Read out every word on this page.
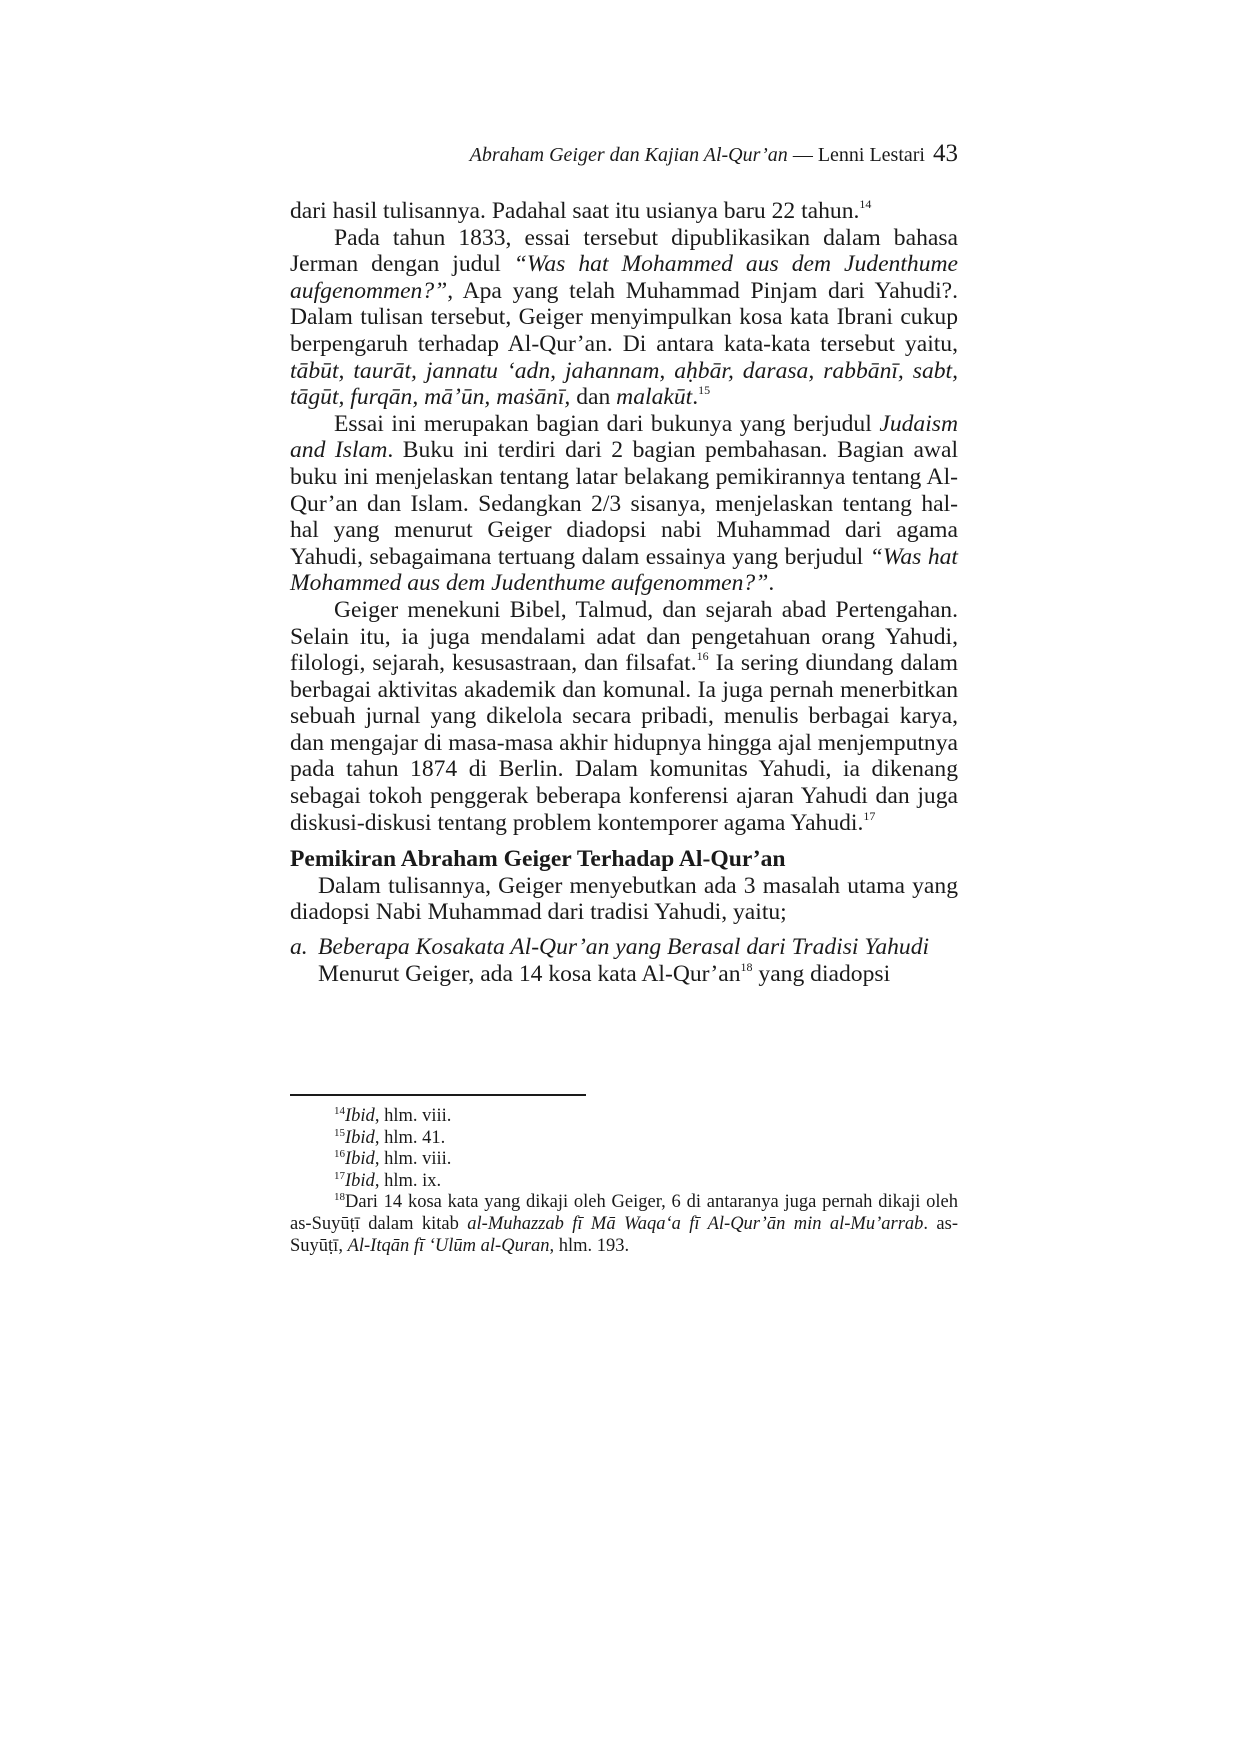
Abraham Geiger dan Kajian Al-Qur’an — Lenni Lestari 43

dari hasil tulisannya. Padahal saat itu usianya baru 22 tahun.$^{14}$

Pada tahun 1833, essai tersebut dipublikasikan dalam bahasa Jerman dengan judul “Was hat Mohammed aus dem Judenthume aufgenommen?”, Apa yang telah Muhammad Pinjam dari Yahudi?. Dalam tulisan tersebut, Geiger menyimpulkan kosa kata Ibrani cukup berpengaruh terhadap Al-Qur’an. Di antara kata-kata tersebut yaitu, tābūt, taurāt, jannatu ‘adn, jahannam, aḥbār, darasa, rabbānī, sabt, tāgūt, furqān, mā’ūn, maṡānī, dan malakūt.$^{15}$

Essai ini merupakan bagian dari bukunya yang berjudul Judaism and Islam. Buku ini terdiri dari 2 bagian pembahasan. Bagian awal buku ini menjelaskan tentang latar belakang pemikirannya tentang Al-Qur’an dan Islam. Sedangkan 2/3 sisanya, menjelaskan tentang hal-hal yang menurut Geiger diadopsi nabi Muhammad dari agama Yahudi, sebagaimana tertuang dalam essainya yang berjudul “Was hat Mohammed aus dem Judenthume aufgenommen?”.

Geiger menekuni Bibel, Talmud, dan sejarah abad Pertengahan. Selain itu, ia juga mendalami adat dan pengetahuan orang Yahudi, filologi, sejarah, kesusastraan, dan filsafat.$^{16}$ Ia sering diundang dalam berbagai aktivitas akademik dan komunal. Ia juga pernah menerbitkan sebuah jurnal yang dikelola secara pribadi, menulis berbagai karya, dan mengajar di masa-masa akhir hidupnya hingga ajal menjemputnya pada tahun 1874 di Berlin. Dalam komunitas Yahudi, ia dikenang sebagai tokoh penggerak beberapa konferensi ajaran Yahudi dan juga diskusi-diskusi tentang problem kontemporer agama Yahudi.$^{17}$

Pemikiran Abraham Geiger Terhadap Al-Qur’an

Dalam tulisannya, Geiger menyebutkan ada 3 masalah utama yang diadopsi Nabi Muhammad dari tradisi Yahudi, yaitu;

a. Beberapa Kosakata Al-Qur’an yang Berasal dari Tradisi Yahudi

Menurut Geiger, ada 14 kosa kata Al-Qur’an$^{18}$ yang diadopsi

$^{14}$Ibid, hlm. viii.

$^{15}$Ibid, hlm. 41.

$^{16}$Ibid, hlm. viii.

$^{17}$Ibid, hlm. ix.

$^{18}$Dari 14 kosa kata yang dikaji oleh Geiger, 6 di antaranya juga pernah dikaji oleh as-Suyūṭī dalam kitab al-Muhazzab fī Mā Waqa‘a fī Al-Qur’ān min al-Mu’arrab. as-Suyūṭī, Al-Itqān fī ‘Ulūm al-Quran, hlm. 193.
